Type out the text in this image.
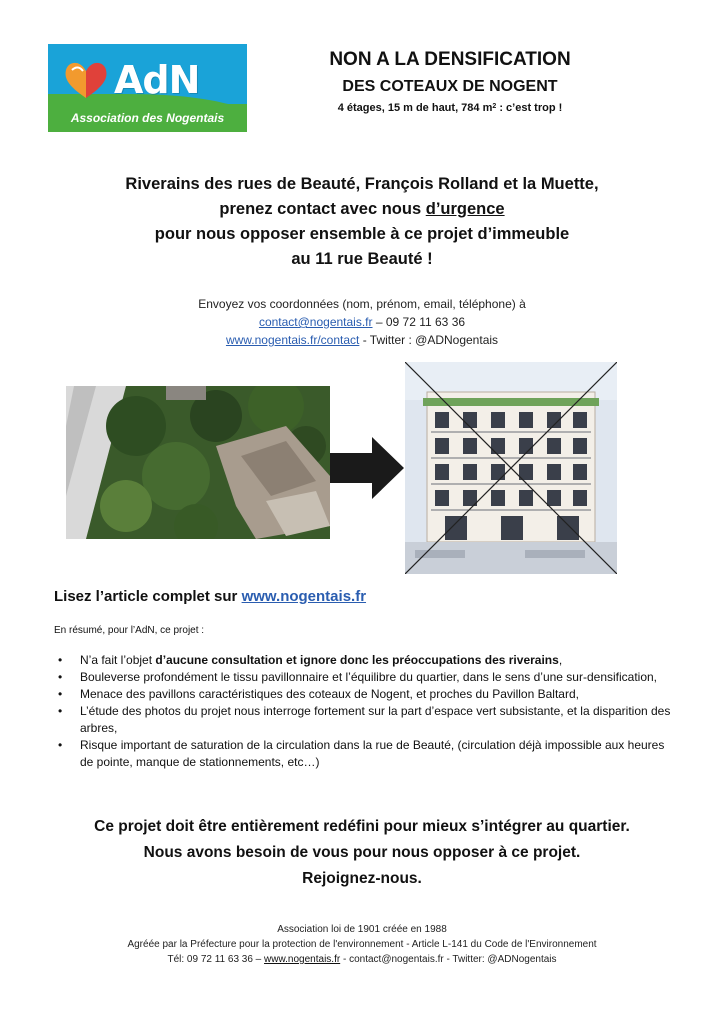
AdN
Association des Nogentais
NON A LA DENSIFICATION
DES COTEAUX DE NOGENT
4 étages, 15 m de haut, 784 $m^2$ : c’est trop !
Riverains des rues de Beauté, François Rolland et la Muette,
prenez contact avec nous d’urgence
pour nous opposer ensemble à ce projet d’immeuble
au 11 rue Beauté !
Envoyez vos coordonnées (nom, prénom, email, téléphone) à
contact@nogentais.fr – 09 72 11 63 36
www.nogentais.fr/contact - Twitter : @ADNogentais
Lisez l’article complet sur www.nogentais.fr
En résumé, pour l’AdN, ce projet :
• N’a fait l’objet d’aucune consultation et ignore donc les préoccupations des riverains,
• Bouleverse profondément le tissu pavillonnaire et l’équilibre du quartier, dans le sens d’une sur-densification,
• Menace des pavillons caractéristiques des coteaux de Nogent, et proches du Pavillon Baltard,
• L’étude des photos du projet nous interroge fortement sur la part d’espace vert subsistante, et la disparition des arbres,
• Risque important de saturation de la circulation dans la rue de Beauté, (circulation déjà impossible aux heures de pointe, manque de stationnements, etc…)
Ce projet doit être entièrement redéfini pour mieux s’intégrer au quartier.
Nous avons besoin de vous pour nous opposer à ce projet.
Rejoignez-nous.
Association loi de 1901 créée en 1988
Agréée par la Préfecture pour la protection de l'environnement - Article L-141 du Code de l'Environnement
Tél: 09 72 11 63 36 – www.nogentais.fr - contact@nogentais.fr - Twitter: @ADNogentais
